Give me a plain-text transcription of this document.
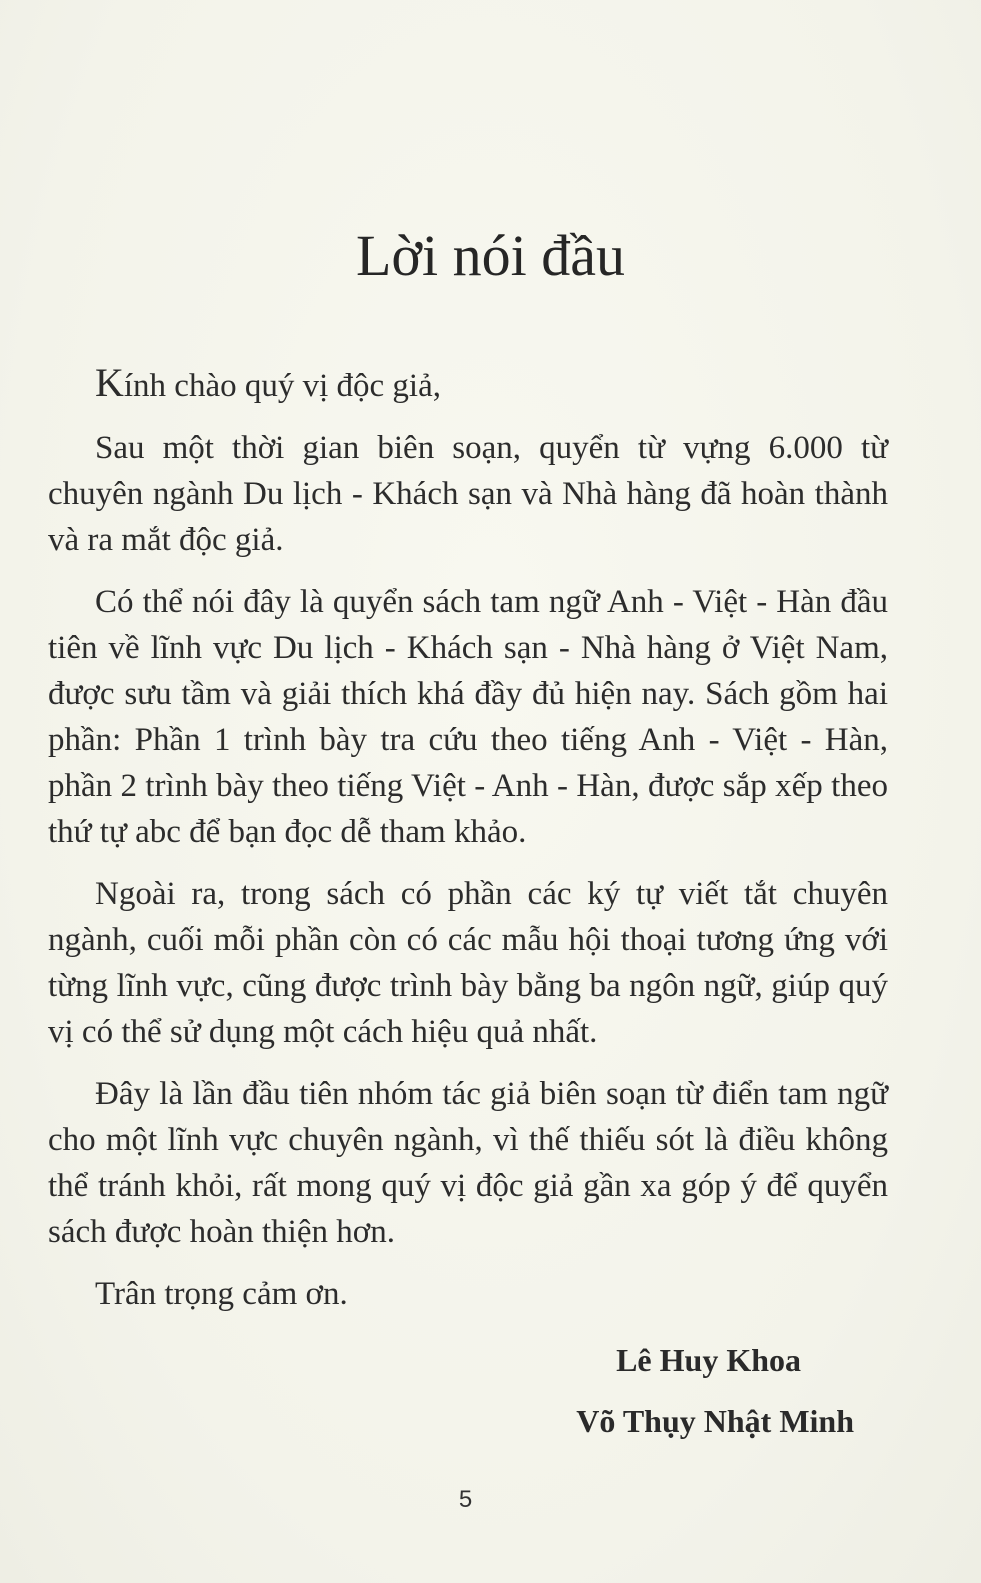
Lời nói đầu

Kính chào quý vị độc giả,

Sau một thời gian biên soạn, quyển từ vựng 6.000 từ chuyên ngành Du lịch - Khách sạn và Nhà hàng đã hoàn thành và ra mắt độc giả.

Có thể nói đây là quyển sách tam ngữ Anh - Việt - Hàn đầu tiên về lĩnh vực Du lịch - Khách sạn - Nhà hàng ở Việt Nam, được sưu tầm và giải thích khá đầy đủ hiện nay. Sách gồm hai phần: Phần 1 trình bày tra cứu theo tiếng Anh - Việt - Hàn, phần 2 trình bày theo tiếng Việt - Anh - Hàn, được sắp xếp theo thứ tự abc để bạn đọc dễ tham khảo.

Ngoài ra, trong sách có phần các ký tự viết tắt chuyên ngành, cuối mỗi phần còn có các mẫu hội thoại tương ứng với từng lĩnh vực, cũng được trình bày bằng ba ngôn ngữ, giúp quý vị có thể sử dụng một cách hiệu quả nhất.

Đây là lần đầu tiên nhóm tác giả biên soạn từ điển tam ngữ cho một lĩnh vực chuyên ngành, vì thế thiếu sót là điều không thể tránh khỏi, rất mong quý vị độc giả gần xa góp ý để quyển sách được hoàn thiện hơn.

Trân trọng cảm ơn.

Lê Huy Khoa
Võ Thụy Nhật Minh
5
